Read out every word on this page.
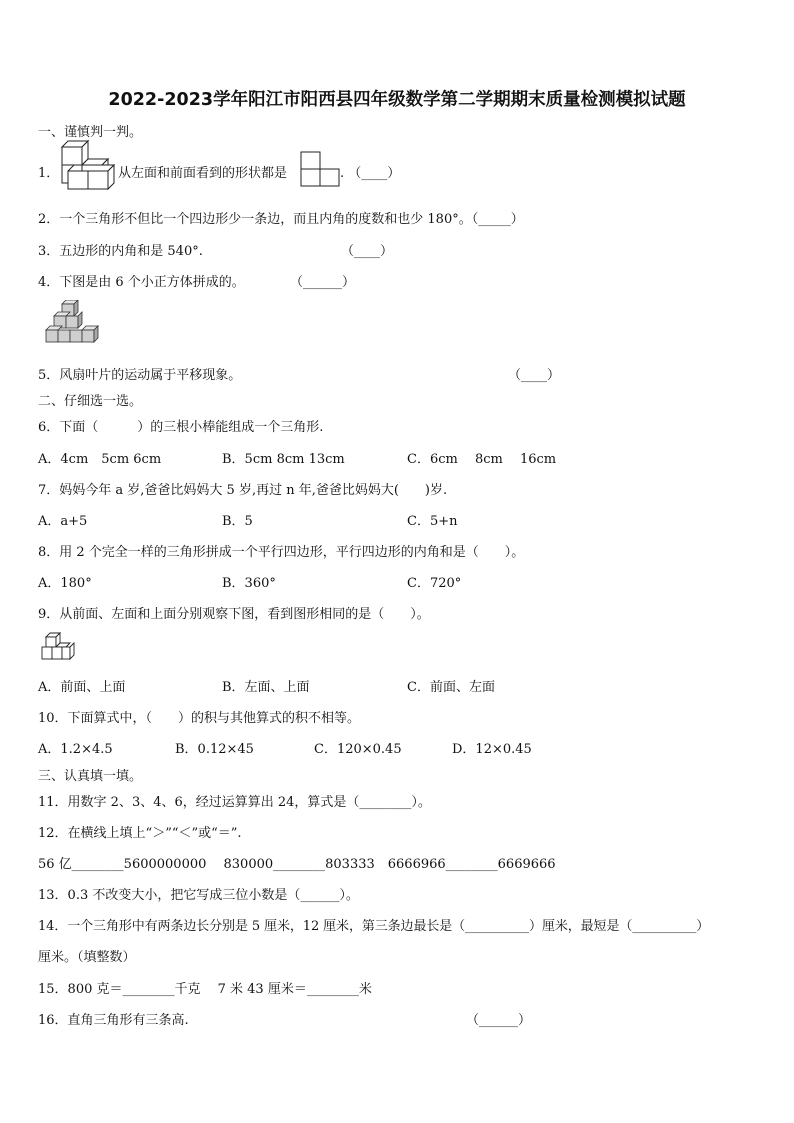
2022-2023学年阳江市阳西县四年级数学第二学期期末质量检测模拟试题
一、谨慎判一判。
1．	从左面和前面看到的形状都是	. （____）
2．一个三角形不但比一个四边形少一条边，而且内角的度数和也少 180°。（_____）
3．五边形的内角和是 540°.	（____）
4．下图是由 6 个小正方体拼成的。	（______）
5．风扇叶片的运动属于平移现象。	（____）
二、仔细选一选。
6．下面（　　　）的三根小棒能组成一个三角形.
A．4cm　5cm 6cm	B．5cm 8cm 13cm	C．6cm　 8cm　 16cm
7．妈妈今年 a 岁,爸爸比妈妈大 5 岁,再过 n 年,爸爸比妈妈大(　　)岁.
A．a+5	B．5	C．5+n
8．用 2 个完全一样的三角形拼成一个平行四边形，平行四边形的内角和是（　　）。
A．180°	B．360°	C．720°
9．从前面、左面和上面分别观察下图，看到图形相同的是（　　）。
A．前面、上面	B．左面、上面	C．前面、左面
10．下面算式中，（　　）的积与其他算式的积不相等。
A．1.2×4.5	B．0.12×45	C．120×0.45	D．12×0.45
三、认真填一填。
11．用数字 2、3、4、6，经过运算算出 24，算式是（________）。
12．在横线上填上“＞”“＜”或“＝”.
56 亿________5600000000　 830000________803333　6666966________6669666
13．0.3 不改变大小，把它写成三位小数是（______）。
14．一个三角形中有两条边长分别是 5 厘米，12 厘米，第三条边最长是（__________）厘米，最短是（__________）
厘米。（填整数）
15．800 克＝________千克　 7 米 43 厘米＝________米
16．直角三角形有三条高.	（______）
